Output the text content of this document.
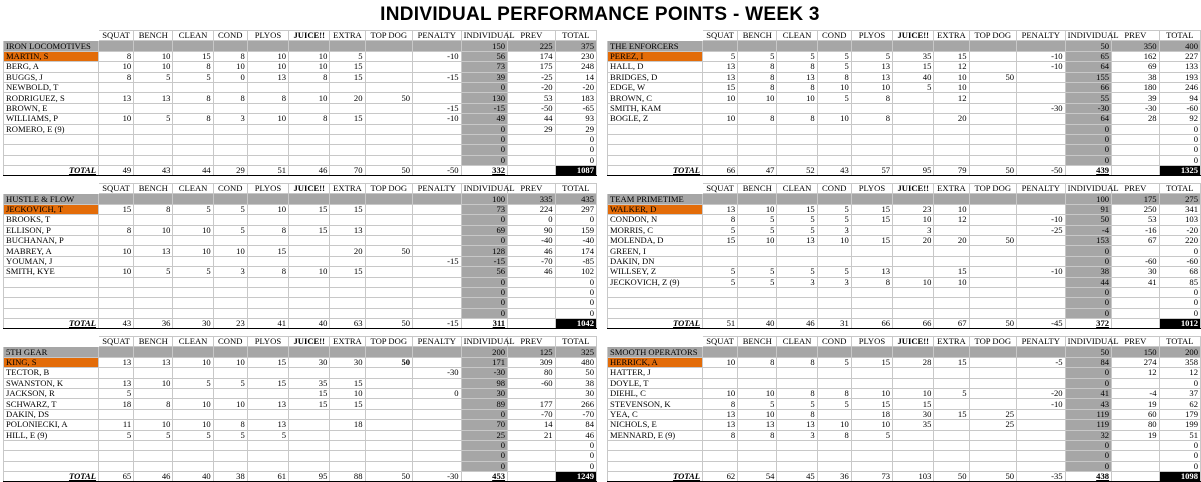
INDIVIDUAL PERFORMANCE POINTS - WEEK 3
	SQUAT	BENCH	CLEAN	COND	PLYOS	JUICE!!	EXTRA	TOP DOG	PENALTY	INDIVIDUAL	PREV	TOTAL
IRON LOCOMOTIVES										150	225	375
MARTIN, S	8	10	15	8	10	10	5		-10	56	174	230
BERG, A	10	10	8	10	10	10	15			73	175	248
BUGGS, J	8	5	5	0	13	8	15		-15	39	-25	14
NEWBOLD, T										0	-20	-20
RODRIGUEZ, S	13	13	8	8	8	10	20	50		130	53	183
BROWN, E									-15	-15	-50	-65
WILLIAMS, P	10	5	8	3	10	8	15		-10	49	44	93
ROMERO, E (9)										0	29	29
										0		0
										0		0
										0		0
TOTAL	49	43	44	29	51	46	70	50	-50	332		1087
	SQUAT	BENCH	CLEAN	COND	PLYOS	JUICE!!	EXTRA	TOP DOG	PENALTY	INDIVIDUAL	PREV	TOTAL
THE ENFORCERS										50	350	400
PEREZ, I	5	5	5	5	5	35	15		-10	65	162	227
HALL, D	13	8	8	5	13	15	12		-10	64	69	133
BRIDGES, D	13	8	13	8	13	40	10	50		155	38	193
EDGE, W	15	8	8	10	10	5	10			66	180	246
BROWN, C	10	10	10	5	8		12			55	39	94
SMITH, KAM									-30	-30	-30	-60
BOGLE, Z	10	8	8	10	8		20			64	28	92
										0		0
										0		0
										0		0
										0		0
TOTAL	66	47	52	43	57	95	79	50	-50	439		1325
	SQUAT	BENCH	CLEAN	COND	PLYOS	JUICE!!	EXTRA	TOP DOG	PENALTY	INDIVIDUAL	PREV	TOTAL
HUSTLE & FLOW										100	335	435
JECKOVICH, T	15	8	5	5	10	15	15			73	224	297
BROOKS, T										0	0	0
ELLISON, P	8	10	10	5	8	15	13			69	90	159
BUCHANAN, P										0	-40	-40
MABREY, A	10	13	10	10	15		20	50		128	46	174
YOUMAN, J									-15	-15	-70	-85
SMITH, KYE	10	5	5	3	8	10	15			56	46	102
										0		0
										0		0
										0		0
										0		0
TOTAL	43	36	30	23	41	40	63	50	-15	311		1042
	SQUAT	BENCH	CLEAN	COND	PLYOS	JUICE!!	EXTRA	TOP DOG	PENALTY	INDIVIDUAL	PREV	TOTAL
TEAM PRIMETIME										100	175	275
WALKER, D	13	10	15	5	15	23	10			91	250	341
CONDON, N	8	5	5	5	15	10	12		-10	50	53	103
MORRIS, C	5	5	5	3		3			-25	-4	-16	-20
MOLENDA, D	15	10	13	10	15	20	20	50		153	67	220
GREEN, I										0		0
DAKIN, DN										0	-60	-60
WILLSEY, Z	5	5	5	5	13		15		-10	38	30	68
JECKOVICH, Z (9)	5	5	3	3	8	10	10			44	41	85
										0		0
										0		0
										0		0
TOTAL	51	40	46	31	66	66	67	50	-45	372		1012
	SQUAT	BENCH	CLEAN	COND	PLYOS	JUICE!!	EXTRA	TOP DOG	PENALTY	INDIVIDUAL	PREV	TOTAL
5TH GEAR										200	125	325
KING, S	13	13	10	10	15	30	30	50		171	309	480
TECTOR, B									-30	-30	80	50
SWANSTON, K	13	10	5	5	15	35	15			98	-60	38
JACKSON, R	5					15	10		0	30		30
SCHWARZ, T	18	8	10	10	13	15	15			89	177	266
DAKIN, DS										0	-70	-70
POLONIECKI, A	11	10	10	8	13		18			70	14	84
HILL, E (9)	5	5	5	5	5					25	21	46
										0		0
										0		0
										0		0
TOTAL	65	46	40	38	61	95	88	50	-30	453		1249
	SQUAT	BENCH	CLEAN	COND	PLYOS	JUICE!!	EXTRA	TOP DOG	PENALTY	INDIVIDUAL	PREV	TOTAL
SMOOTH OPERATORS										50	150	200
HERRICK, A	10	8	8	5	15	28	15		-5	84	274	358
HATTER, J										0	12	12
DOYLE, T										0		0
DIEHL, C	10	10	8	8	10	10	5		-20	41	-4	37
STEVENSON, K	8	5	5	5	15	15			-10	43	19	62
YEA, C	13	10	8		18	30	15	25		119	60	179
NICHOLS, E	13	13	13	10	10	35		25		119	80	199
MENNARD, E (9)	8	8	3	8	5					32	19	51
										0		0
										0		0
										0		0
TOTAL	62	54	45	36	73	103	50	50	-35	438		1098
